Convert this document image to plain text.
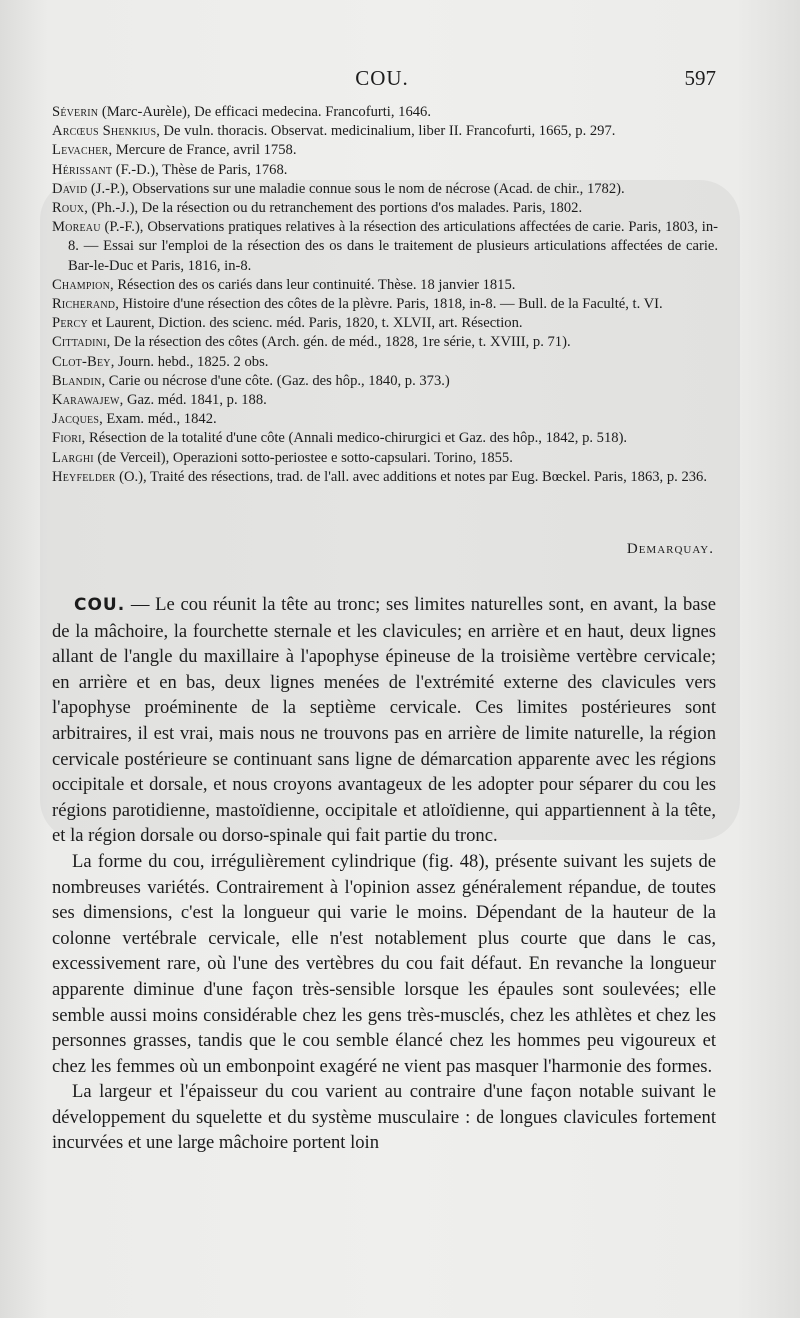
COU.	597

Séverin (Marc-Aurèle), De efficaci medecina. Francofurti, 1646.

Arcœus Shenkius, De vuln. thoracis. Observat. medicinalium, liber II. Francofurti, 1665, p. 297.

Levacher, Mercure de France, avril 1758.

Hérissant (F.-D.), Thèse de Paris, 1768.

David (J.-P.), Observations sur une maladie connue sous le nom de nécrose (Acad. de chir., 1782).

Roux, (Ph.-J.), De la résection ou du retranchement des portions d'os malades. Paris, 1802.

Moreau (P.-F.), Observations pratiques relatives à la résection des articulations affectées de carie. Paris, 1803, in-8. — Essai sur l'emploi de la résection des os dans le traitement de plusieurs articulations affectées de carie. Bar-le-Duc et Paris, 1816, in-8.

Champion, Résection des os cariés dans leur continuité. Thèse. 18 janvier 1815.

Richerand, Histoire d'une résection des côtes de la plèvre. Paris, 1818, in-8. — Bull. de la Faculté, t. VI.

Percy et Laurent, Diction. des scienc. méd. Paris, 1820, t. XLVII, art. Résection.

Cittadini, De la résection des côtes (Arch. gén. de méd., 1828, 1re série, t. XVIII, p. 71).

Clot-Bey, Journ. hebd., 1825. 2 obs.

Blandin, Carie ou nécrose d'une côte. (Gaz. des hôp., 1840, p. 373.)

Karawajew, Gaz. méd. 1841, p. 188.

Jacques, Exam. méd., 1842.

Fiori, Résection de la totalité d'une côte (Annali medico-chirurgici et Gaz. des hôp., 1842, p. 518).

Larghi (de Verceil), Operazioni sotto-periostee e sotto-capsulari. Torino, 1855.

Heyfelder (O.), Traité des résections, trad. de l'all. avec additions et notes par Eug. Bœckel. Paris, 1863, p. 236.

Demarquay.

COU. — Le cou réunit la tête au tronc; ses limites naturelles sont, en avant, la base de la mâchoire, la fourchette sternale et les clavicules; en arrière et en haut, deux lignes allant de l'angle du maxillaire à l'apophyse épineuse de la troisième vertèbre cervicale; en arrière et en bas, deux lignes menées de l'extrémité externe des clavicules vers l'apophyse proéminente de la septième cervicale. Ces limites postérieures sont arbitraires, il est vrai, mais nous ne trouvons pas en arrière de limite naturelle, la région cervicale postérieure se continuant sans ligne de démarcation apparente avec les régions occipitale et dorsale, et nous croyons avantageux de les adopter pour séparer du cou les régions parotidienne, mastoïdienne, occipitale et atloïdienne, qui appartiennent à la tête, et la région dorsale ou dorso-spinale qui fait partie du tronc.

La forme du cou, irrégulièrement cylindrique (fig. 48), présente suivant les sujets de nombreuses variétés. Contrairement à l'opinion assez généralement répandue, de toutes ses dimensions, c'est la longueur qui varie le moins. Dépendant de la hauteur de la colonne vertébrale cervicale, elle n'est notablement plus courte que dans le cas, excessivement rare, où l'une des vertèbres du cou fait défaut. En revanche la longueur apparente diminue d'une façon très-sensible lorsque les épaules sont soulevées; elle semble aussi moins considérable chez les gens très-musclés, chez les athlètes et chez les personnes grasses, tandis que le cou semble élancé chez les hommes peu vigoureux et chez les femmes où un embonpoint exagéré ne vient pas masquer l'harmonie des formes.

La largeur et l'épaisseur du cou varient au contraire d'une façon notable suivant le développement du squelette et du système musculaire : de longues clavicules fortement incurvées et une large mâchoire portent loin
